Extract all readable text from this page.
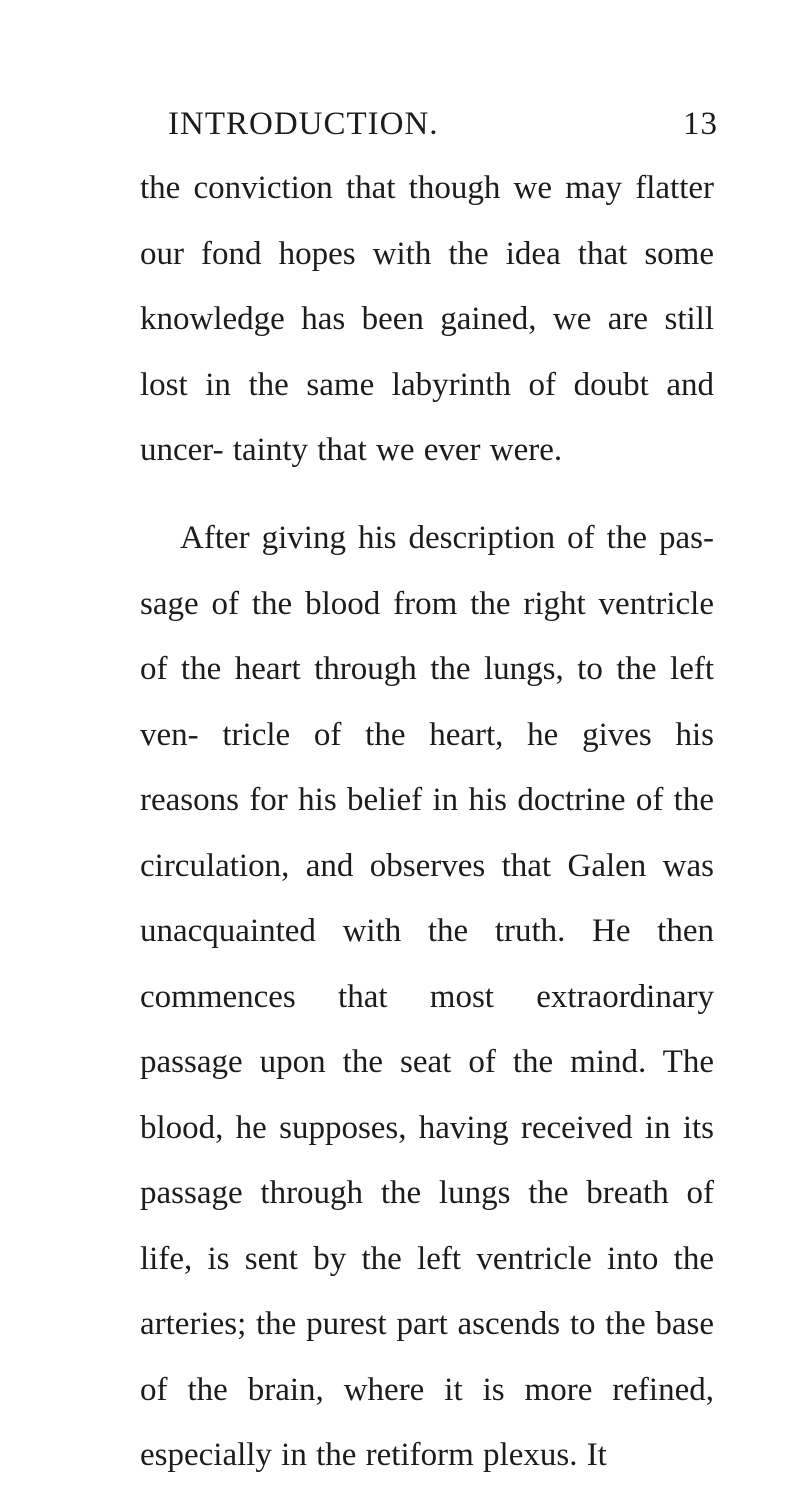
INTRODUCTION.	13

the conviction that though we may flatter our fond hopes with the idea that some knowledge has been gained, we are still lost in the same labyrinth of doubt and uncer- tainty that we ever were.

After giving his description of the pas- sage of the blood from the right ventricle of the heart through the lungs, to the left ven- tricle of the heart, he gives his reasons for his belief in his doctrine of the circulation, and observes that Galen was unacquainted with the truth. He then commences that most extraordinary passage upon the seat of the mind. The blood, he supposes, having received in its passage through the lungs the breath of life, is sent by the left ventricle into the arteries; the purest part ascends to the base of the brain, where it is more refined, especially in the retiform plexus. It
